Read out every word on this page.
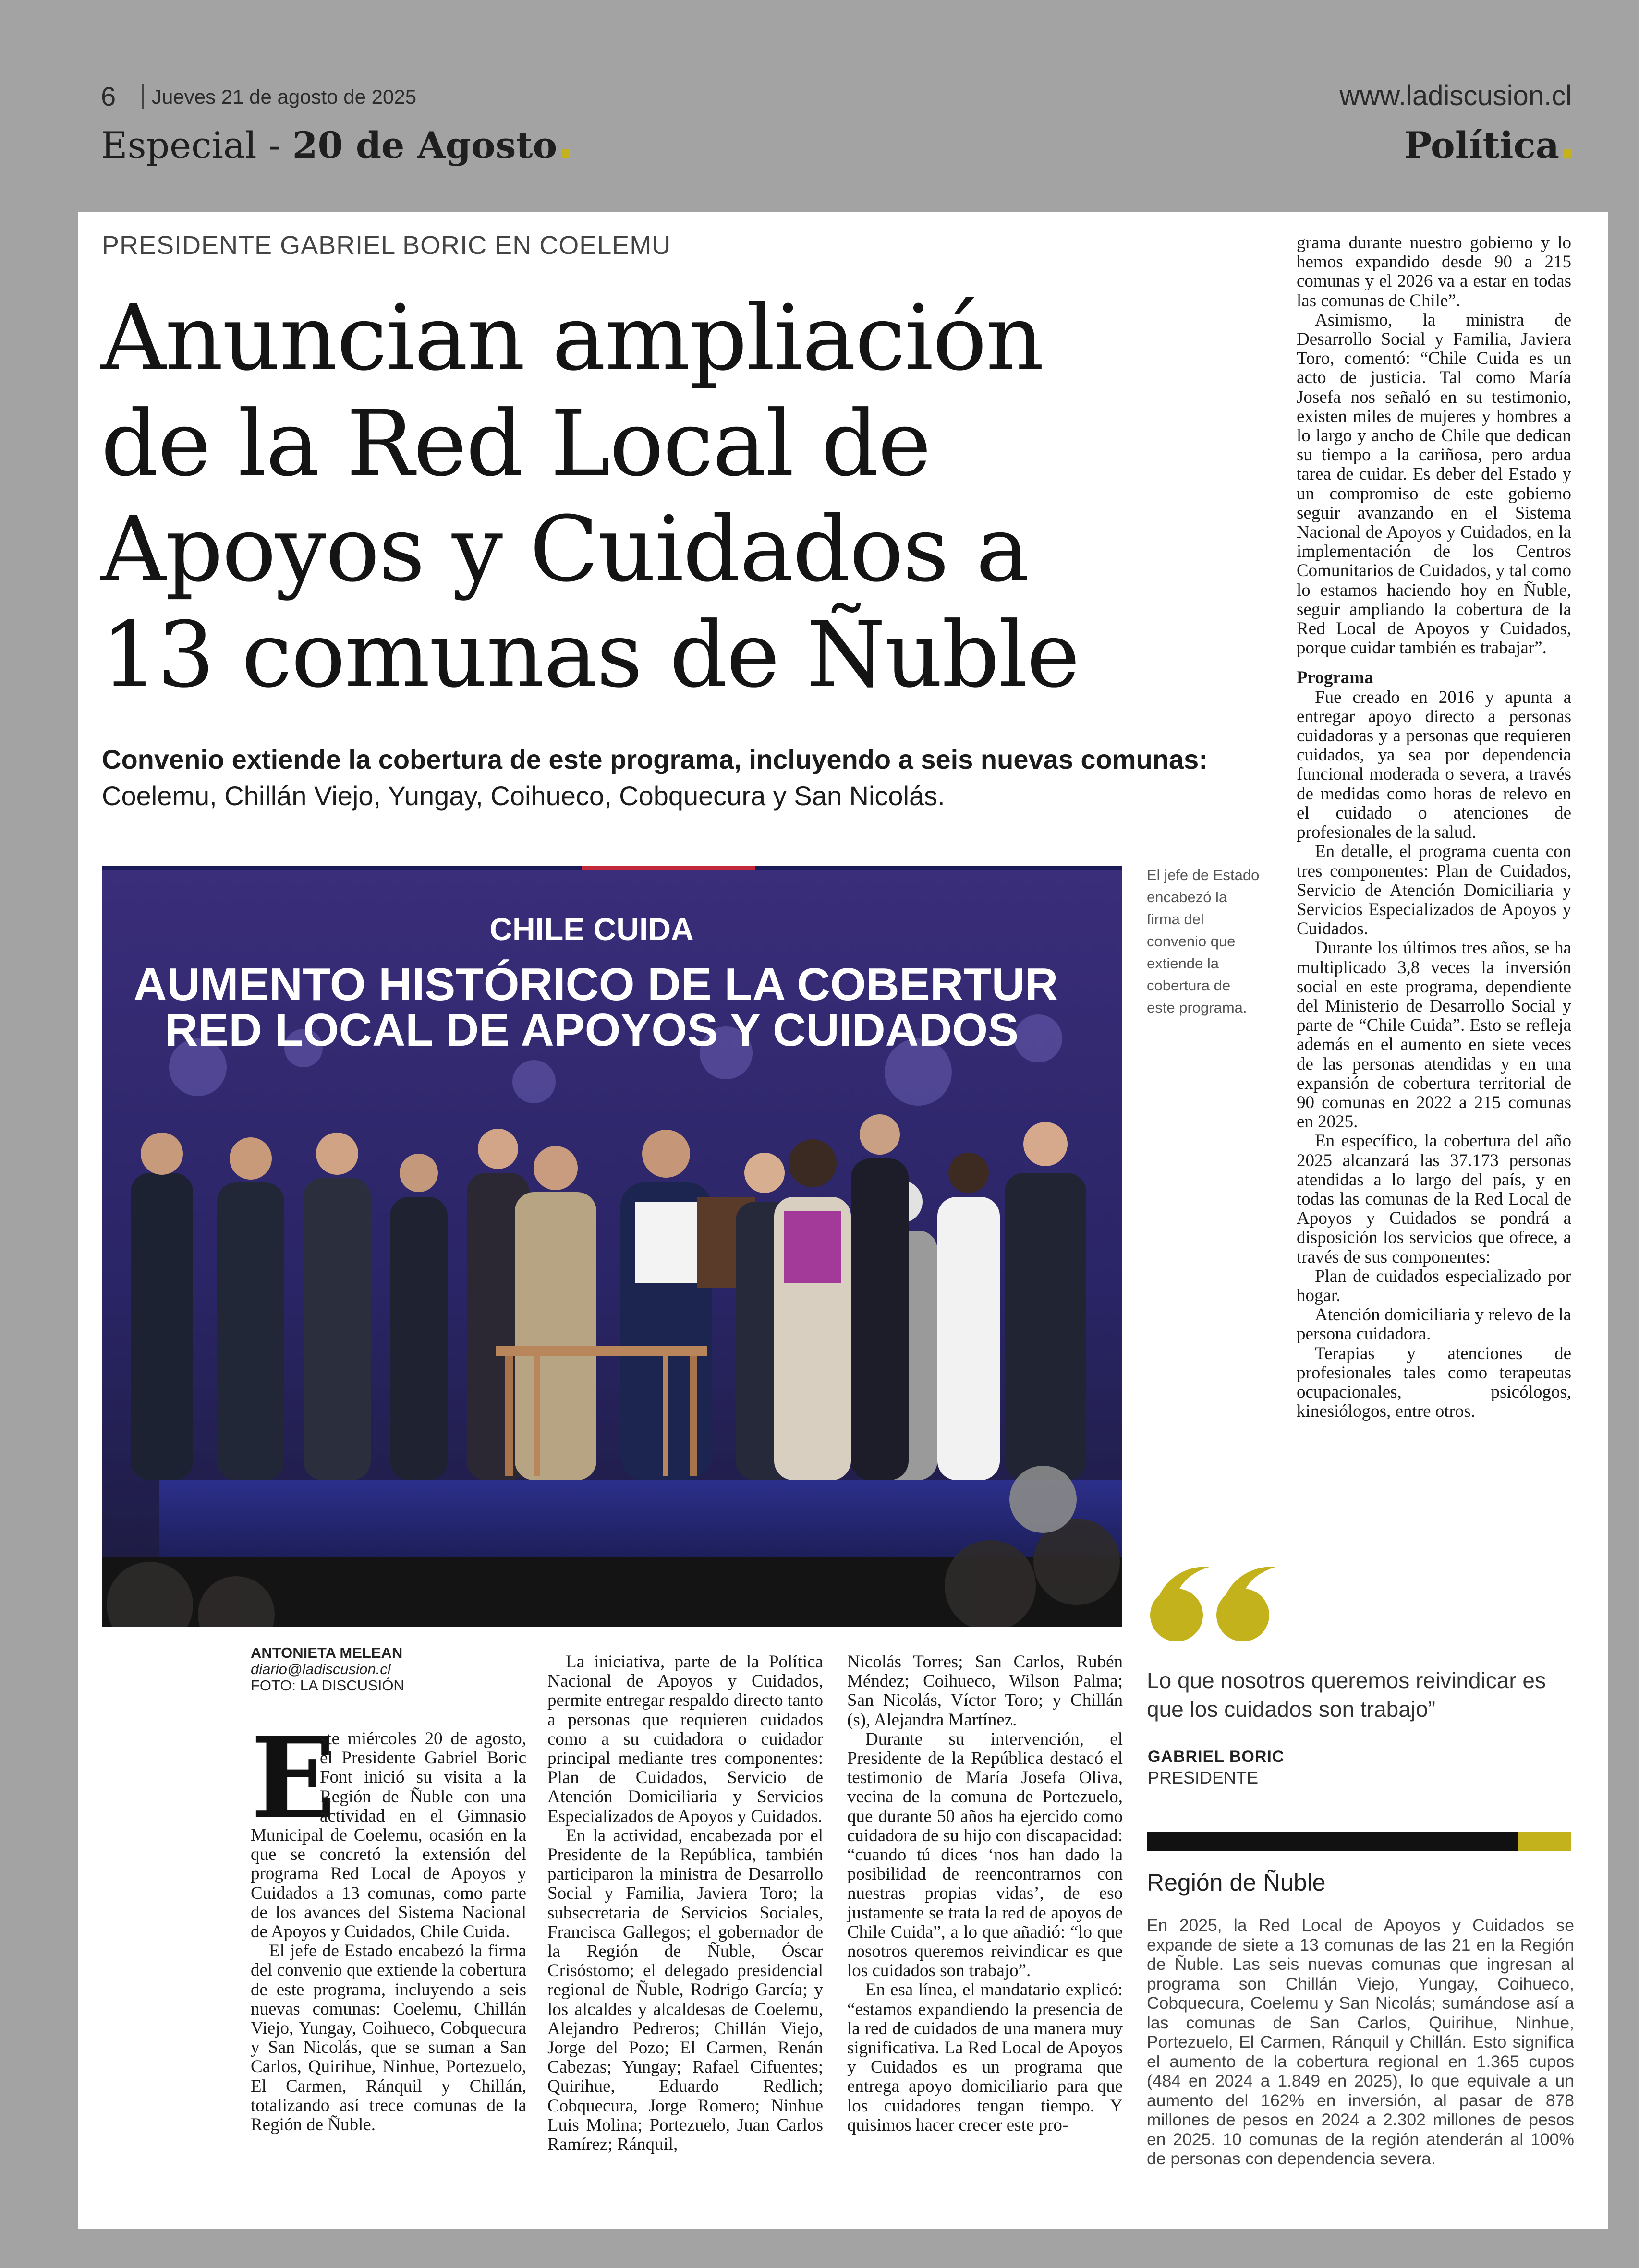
6 Jueves 21 de agosto de 2025	www.ladiscusion.cl
Especial - 20 de Agosto	Política
PRESIDENTE GABRIEL BORIC EN COELEMU
Anuncian ampliación de la Red Local de Apoyos y Cuidados a 13 comunas de Ñuble
Convenio extiende la cobertura de este programa, incluyendo a seis nuevas comunas:
Coelemu, Chillán Viejo, Yungay, Coihueco, Cobquecura y San Nicolás.
CHILE CUIDA
AUMENTO HISTÓRICO DE LA COBERTUR
RED LOCAL DE APOYOS Y CUIDADOS
El jefe de Estado encabezó la firma del convenio que extiende la cobertura de este programa.
ANTONIETA MELEAN
diario@ladiscusion.cl
FOTO: LA DISCUSIÓN

E
ste miércoles 20 de agosto, el Presidente Gabriel Boric Font inició su visita a la Región de Ñuble con una actividad en el Gimnasio Municipal de Coelemu, ocasión en la que se concretó la extensión del programa Red Local de Apoyos y Cuidados a 13 comunas, como parte de los avances del Sistema Nacional de Apoyos y Cuidados, Chile Cuida.

El jefe de Estado encabezó la firma del convenio que extiende la cobertura de este programa, incluyendo a seis nuevas comunas: Coelemu, Chillán Viejo, Yungay, Coihueco, Cobquecura y San Nicolás, que se suman a San Carlos, Quirihue, Ninhue, Portezuelo, El Carmen, Ránquil y Chillán, totalizando así trece comunas de la Región de Ñuble.

La iniciativa, parte de la Política Nacional de Apoyos y Cuidados, permite entregar respaldo directo tanto a personas que requieren cuidados como a su cuidadora o cuidador principal mediante tres componentes: Plan de Cuidados, Servicio de Atención Domiciliaria y Servicios Especializados de Apoyos y Cuidados.

En la actividad, encabezada por el Presidente de la República, también participaron la ministra de Desarrollo Social y Familia, Javiera Toro; la subsecretaria de Servicios Sociales, Francisca Gallegos; el gobernador de la Región de Ñuble, Óscar Crisóstomo; el delegado presidencial regional de Ñuble, Rodrigo García; y los alcaldes y alcaldesas de Coelemu, Alejandro Pedreros; Chillán Viejo, Jorge del Pozo; El Carmen, Renán Cabezas; Yungay; Rafael Cifuentes; Quirihue, Eduardo Redlich; Cobquecura, Jorge Romero; Ninhue Luis Molina; Portezuelo, Juan Carlos Ramírez; Ránquil,

Nicolás Torres; San Carlos, Rubén Méndez; Coihueco, Wilson Palma; San Nicolás, Víctor Toro; y Chillán (s), Alejandra Martínez.

Durante su intervención, el Presidente de la República destacó el testimonio de María Josefa Oliva, vecina de la comuna de Portezuelo, que durante 50 años ha ejercido como cuidadora de su hijo con discapacidad: “cuando tú dices ‘nos han dado la posibilidad de reencontrarnos con nuestras propias vidas’, de eso justamente se trata la red de apoyos de Chile Cuida”, a lo que añadió: “lo que nosotros queremos reivindicar es que los cuidados son trabajo”.

En esa línea, el mandatario explicó: “estamos expandiendo la presencia de la red de cuidados de una manera muy significativa. La Red Local de Apoyos y Cuidados es un programa que entrega apoyo domiciliario para que los cuidadores tengan tiempo. Y quisimos hacer crecer este pro-

grama durante nuestro gobierno y lo hemos expandido desde 90 a 215 comunas y el 2026 va a estar en todas las comunas de Chile”.

Asimismo, la ministra de Desarrollo Social y Familia, Javiera Toro, comentó: “Chile Cuida es un acto de justicia. Tal como María Josefa nos señaló en su testimonio, existen miles de mujeres y hombres a lo largo y ancho de Chile que dedican su tiempo a la cariñosa, pero ardua tarea de cuidar. Es deber del Estado y un compromiso de este gobierno seguir avanzando en el Sistema Nacional de Apoyos y Cuidados, en la implementación de los Centros Comunitarios de Cuidados, y tal como lo estamos haciendo hoy en Ñuble, seguir ampliando la cobertura de la Red Local de Apoyos y Cuidados, porque cuidar también es trabajar”.

Programa

Fue creado en 2016 y apunta a entregar apoyo directo a personas cuidadoras y a personas que requieren cuidados, ya sea por dependencia funcional moderada o severa, a través de medidas como horas de relevo en el cuidado o atenciones de profesionales de la salud.

En detalle, el programa cuenta con tres componentes: Plan de Cuidados, Servicio de Atención Domiciliaria y Servicios Especializados de Apoyos y Cuidados.

Durante los últimos tres años, se ha multiplicado 3,8 veces la inversión social en este programa, dependiente del Ministerio de Desarrollo Social y parte de “Chile Cuida”. Esto se refleja además en el aumento en siete veces de las personas atendidas y en una expansión de cobertura territorial de 90 comunas en 2022 a 215 comunas en 2025.

En específico, la cobertura del año 2025 alcanzará las 37.173 personas atendidas a lo largo del país, y en todas las comunas de la Red Local de Apoyos y Cuidados se pondrá a disposición los servicios que ofrece, a través de sus componentes:

Plan de cuidados especializado por hogar.

Atención domiciliaria y relevo de la persona cuidadora.

Terapias y atenciones de profesionales tales como terapeutas ocupacionales, psicólogos, kinesiólogos, entre otros.

Lo que nosotros queremos reivindicar es que los cuidados son trabajo”
GABRIEL BORIC
PRESIDENTE
Región de Ñuble
En 2025, la Red Local de Apoyos y Cuidados se expande de siete a 13 comunas de las 21 en la Región de Ñuble. Las seis nuevas comunas que ingresan al programa son Chillán Viejo, Yungay, Coihueco, Cobquecura, Coelemu y San Nicolás; sumándose así a las comunas de San Carlos, Quirihue, Ninhue, Portezuelo, El Carmen, Ránquil y Chillán. Esto significa el aumento de la cobertura regional en 1.365 cupos (484 en 2024 a 1.849 en 2025), lo que equivale a un aumento del 162% en inversión, al pasar de 878 millones de pesos en 2024 a 2.302 millones de pesos en 2025. 10 comunas de la región atenderán al 100% de personas con dependencia severa.
